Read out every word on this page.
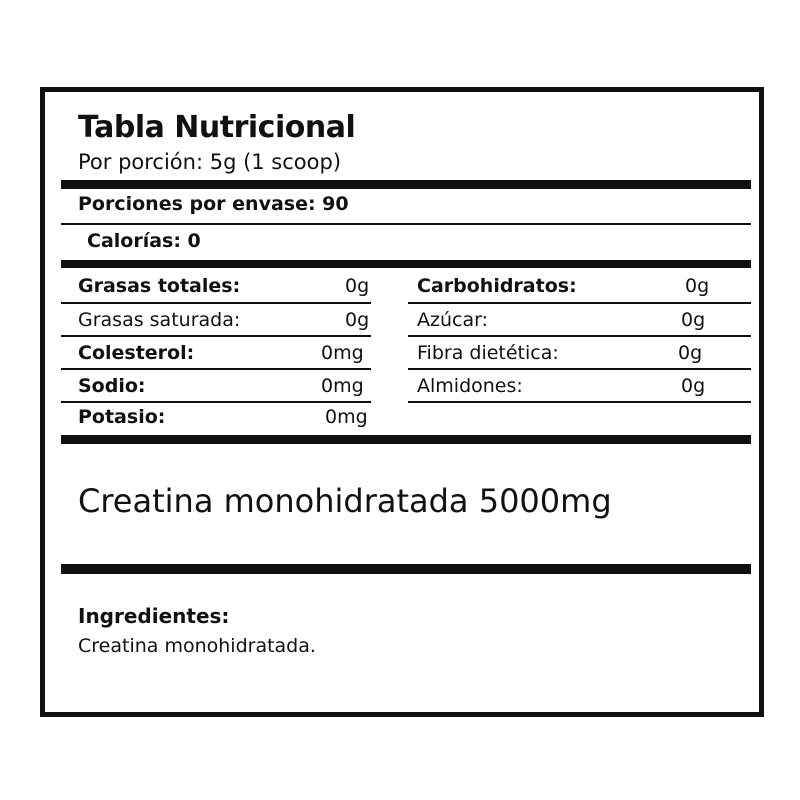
Tabla Nutricional
Por porción: 5g (1 scoop)
Porciones por envase: 90
Calorías: 0
Grasas totales:	0g
Grasas saturada:	0g
Colesterol:	0mg
Sodio:	0mg
Potasio:	0mg
Carbohidratos:	0g
Azúcar:	0g
Fibra dietética:	0g
Almidones:	0g
Creatina monohidratada 5000mg
Ingredientes:
Creatina monohidratada.
